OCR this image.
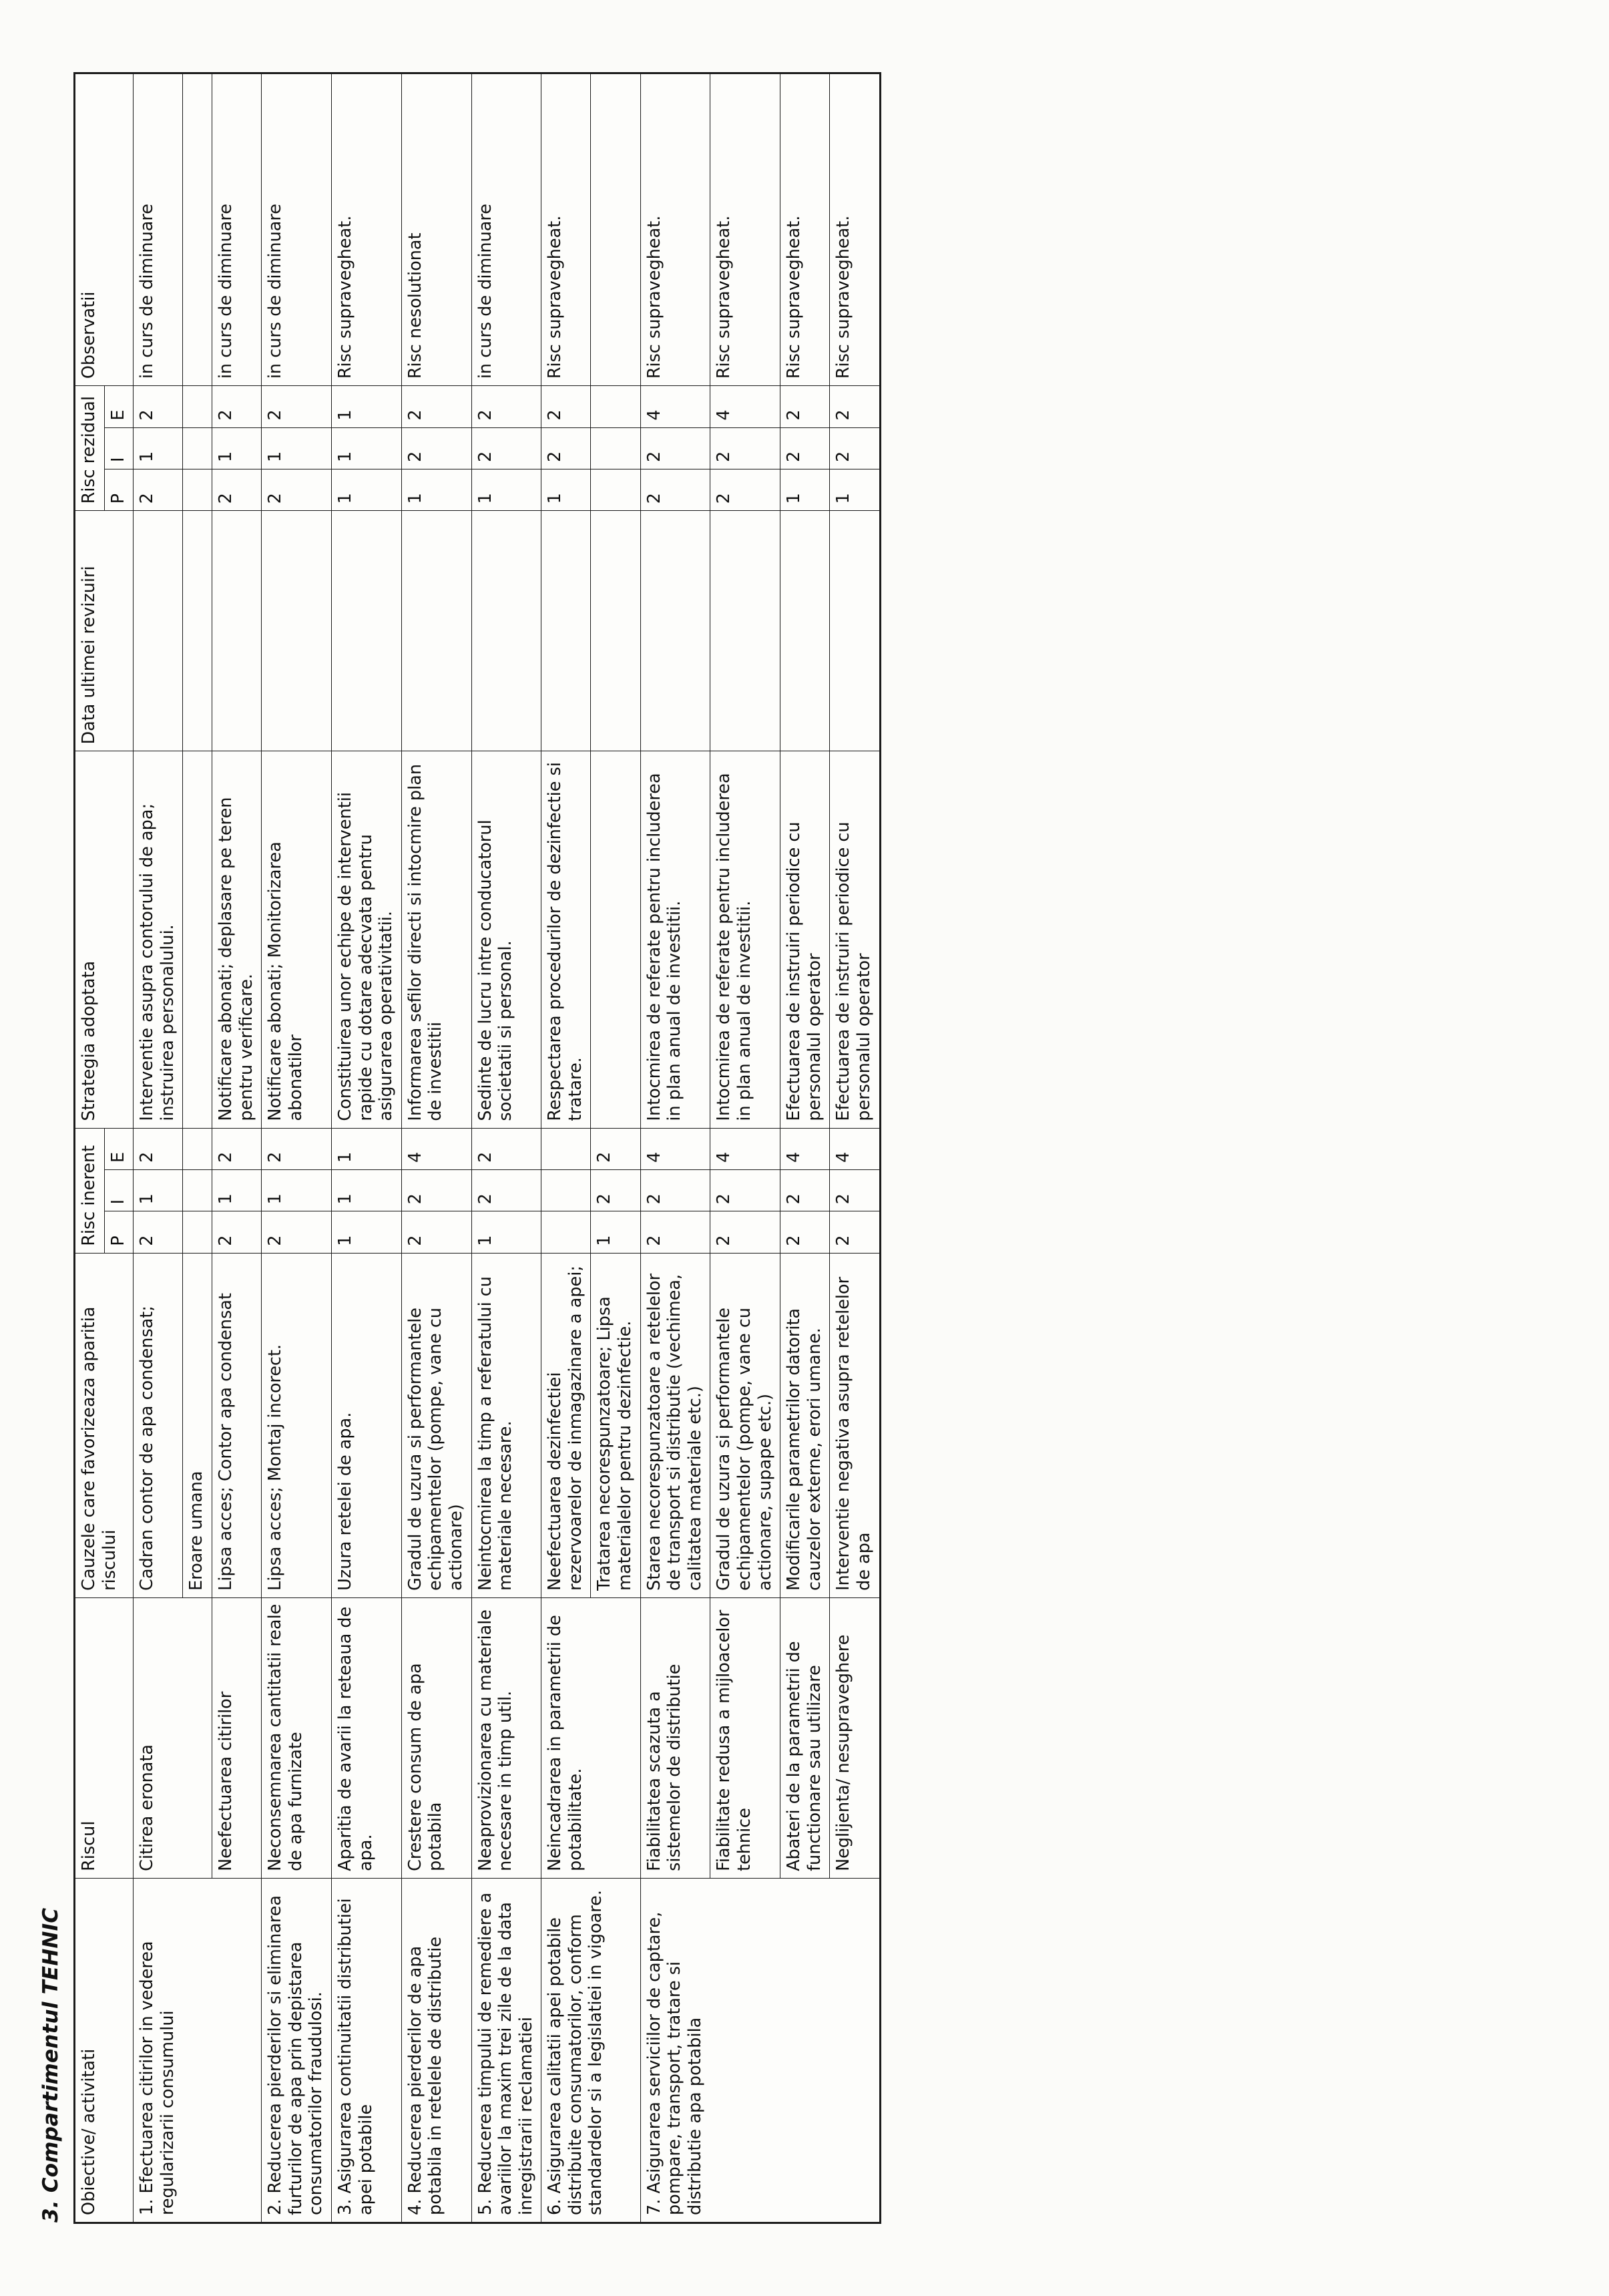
3. Compartimentul TEHNIC Obiective/ activitati	Riscul	Cauzele care favorizeaza aparitia riscului	Risc inerent			Strategia adoptata	Data ultimei revizuiri	Risc rezidual			Observatii
			P	I	E			P	I	E	
1. Efectuarea citirilor in vederea regularizarii consumului	Citirea eronata	Cadran contor de apa condensat;	2	1	2	Interventie asupra contorului de apa; instruirea personalului.		2	1	2	in curs de diminuare
		Eroare umana									
	Neefectuarea citirilor	Lipsa acces; Contor apa condensat	2	1	2	Notificare abonati; deplasare pe teren pentru verificare.		2	1	2	in curs de diminuare
2. Reducerea pierderilor si eliminarea furturilor de apa prin depistarea consumatorilor fraudulosi.	Neconsemnarea cantitatii reale de apa furnizate	Lipsa acces; Montaj incorect.	2	1	2	Notificare abonati; Monitorizarea abonatilor		2	1	2	in curs de diminuare
3. Asigurarea continuitatii distributiei apei potabile	Aparitia de avarii la reteaua de apa.	Uzura retelei de apa.	1	1	1	Constituirea unor echipe de interventii rapide cu dotare adecvata pentru asigurarea operativitatii.		1	1	1	Risc supravegheat.
4. Reducerea pierderilor de apa potabila in retelele de distributie	Crestere consum de apa potabila	Gradul de uzura si performantele echipamentelor (pompe, vane cu actionare)	2	2	4	Informarea sefilor directi si intocmire plan de investitii		1	2	2	Risc nesolutionat
5. Reducerea timpului de remediere a avariilor la maxim trei zile de la data inregistrarii reclamatiei	Neaprovizionarea cu materiale necesare in timp util.	Neintocmirea la timp a referatului cu materiale necesare.	1	2	2	Sedinte de lucru intre conducatorul societatii si personal.		1	2	2	in curs de diminuare
6. Asigurarea calitatii apei potabile distribuite consumatorilor, conform standardelor si a legislatiei in vigoare.	Neincadrarea in parametrii de potabilitate.	Neefectuarea dezinfectiei rezervoarelor de inmagazinare a apei;				Respectarea procedurilor de dezinfectie si tratare.		1	2	2	Risc supravegheat.
		Tratarea necorespunzatoare; Lipsa materialelor pentru dezinfectie.	1	2	2						
7. Asigurarea serviciilor de captare, pompare, transport, tratare si distributie apa potabila	Fiabilitatea scazuta a sistemelor de distributie	Starea necorespunzatoare a retelelor de transport si distributie (vechimea, calitatea materiale etc.)	2	2	4	Intocmirea de referate pentru includerea in plan anual de investitii.		2	2	4	Risc supravegheat.
	Fiabilitate redusa a mijloacelor tehnice	Gradul de uzura si performantele echipamentelor (pompe, vane cu actionare, supape etc.)	2	2	4	Intocmirea de referate pentru includerea in plan anual de investitii.		2	2	4	Risc supravegheat.
	Abateri de la parametrii de functionare sau utilizare	Modificarile parametrilor datorita cauzelor externe, erori umane.	2	2	4	Efectuarea de instruiri periodice cu personalul operator		1	2	2	Risc supravegheat.
	Neglijenta/ nesupraveghere	Interventie negativa asupra retelelor de apa	2	2	4	Efectuarea de instruiri periodice cu personalul operator		1	2	2	Risc supravegheat.
